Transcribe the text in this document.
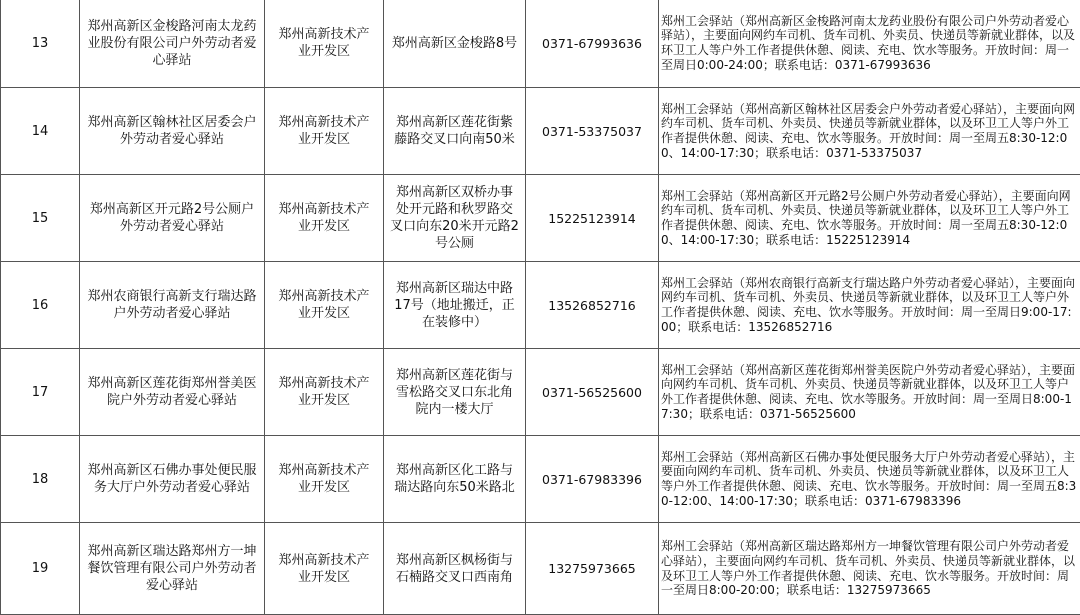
13	郑州高新区金梭路河南太龙药业股份有限公司户外劳动者爱心驿站	郑州高新技术产业开发区	郑州高新区金梭路8号	0371-67993636	郑州工会驿站（郑州高新区金梭路河南太龙药业股份有限公司户外劳动者爱心驿站），主要面向网约车司机、货车司机、外卖员、快递员等新就业群体，以及环卫工人等户外工作者提供休憩、阅读、充电、饮水等服务。开放时间：周一至周日0:00-24:00；联系电话：0371-67993636
14	郑州高新区翰林社区居委会户外劳动者爱心驿站	郑州高新技术产业开发区	郑州高新区莲花街紫藤路交叉口向南50米	0371-53375037	郑州工会驿站（郑州高新区翰林社区居委会户外劳动者爱心驿站），主要面向网约车司机、货车司机、外卖员、快递员等新就业群体，以及环卫工人等户外工作者提供休憩、阅读、充电、饮水等服务。开放时间：周一至周五8:30-12:00、14:00-17:30；联系电话：0371-53375037
15	郑州高新区开元路2号公厕户外劳动者爱心驿站	郑州高新技术产业开发区	郑州高新区双桥办事处开元路和秋罗路交叉口向东20米开元路2号公厕	15225123914	郑州工会驿站（郑州高新区开元路2号公厕户外劳动者爱心驿站），主要面向网约车司机、货车司机、外卖员、快递员等新就业群体，以及环卫工人等户外工作者提供休憩、阅读、充电、饮水等服务。开放时间：周一至周五8:30-12:00、14:00-17:30；联系电话：15225123914
16	郑州农商银行高新支行瑞达路户外劳动者爱心驿站	郑州高新技术产业开发区	郑州高新区瑞达中路17号（地址搬迁，正在装修中）	13526852716	郑州工会驿站（郑州农商银行高新支行瑞达路户外劳动者爱心驿站），主要面向网约车司机、货车司机、外卖员、快递员等新就业群体，以及环卫工人等户外工作者提供休憩、阅读、充电、饮水等服务。开放时间：周一至周日9:00-17:00；联系电话：13526852716
17	郑州高新区莲花街郑州誉美医院户外劳动者爱心驿站	郑州高新技术产业开发区	郑州高新区莲花街与雪松路交叉口东北角院内一楼大厅	0371-56525600	郑州工会驿站（郑州高新区莲花街郑州誉美医院户外劳动者爱心驿站），主要面向网约车司机、货车司机、外卖员、快递员等新就业群体，以及环卫工人等户外工作者提供休憩、阅读、充电、饮水等服务。开放时间：周一至周日8:00-17:30；联系电话：0371-56525600
18	郑州高新区石佛办事处便民服务大厅户外劳动者爱心驿站	郑州高新技术产业开发区	郑州高新区化工路与瑞达路向东50米路北	0371-67983396	郑州工会驿站（郑州高新区石佛办事处便民服务大厅户外劳动者爱心驿站），主要面向网约车司机、货车司机、外卖员、快递员等新就业群体，以及环卫工人等户外工作者提供休憩、阅读、充电、饮水等服务。开放时间：周一至周五8:30-12:00、14:00-17:30；联系电话：0371-67983396
19	郑州高新区瑞达路郑州方一坤餐饮管理有限公司户外劳动者爱心驿站	郑州高新技术产业开发区	郑州高新区枫杨街与石楠路交叉口西南角	13275973665	郑州工会驿站（郑州高新区瑞达路郑州方一坤餐饮管理有限公司户外劳动者爱心驿站），主要面向网约车司机、货车司机、外卖员、快递员等新就业群体，以及环卫工人等户外工作者提供休憩、阅读、充电、饮水等服务。开放时间：周一至周日8:00-20:00；联系电话：13275973665
